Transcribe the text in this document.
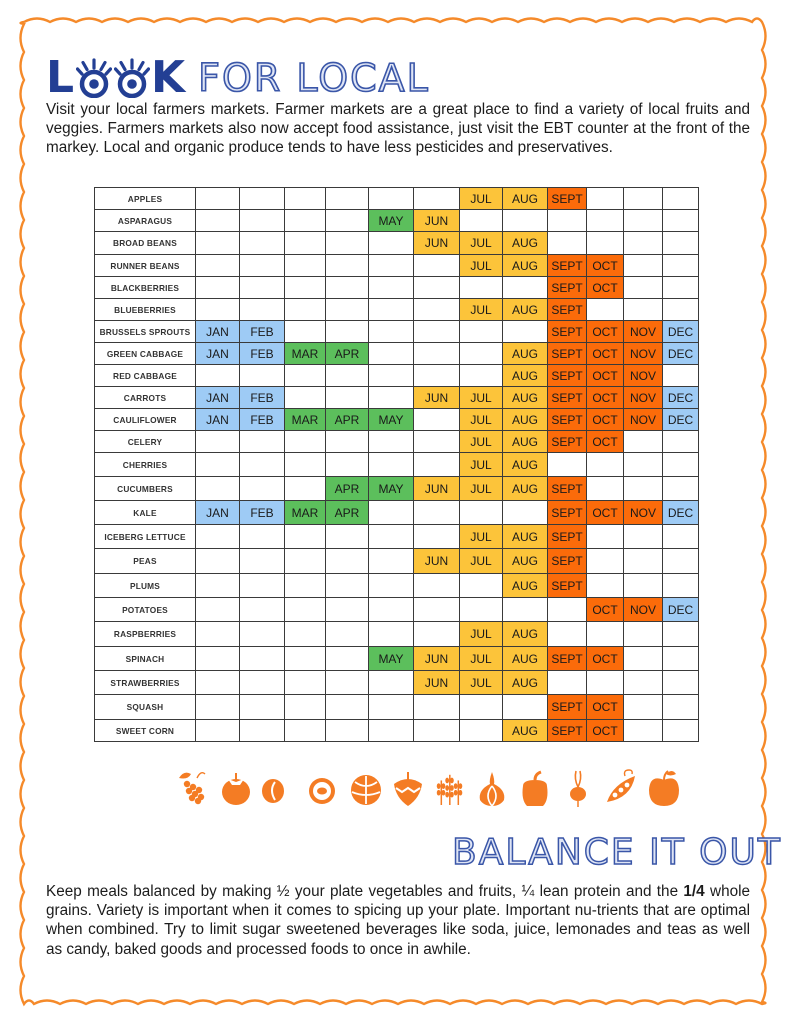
L K FOR LOCAL

Visit your local farmers markets. Farmer markets are a great place to find a variety of local fruits and veggies. Farmers markets also now accept food assistance, just visit the EBT counter at the front of the markey. Local and organic produce tends to have less pesticides and preservatives.

APPLES							JUL	AUG	SEPT			
ASPARAGUS					MAY	JUN						
BROAD BEANS						JUN	JUL	AUG				
RUNNER BEANS							JUL	AUG	SEPT	OCT		
BLACKBERRIES									SEPT	OCT		
BLUEBERRIES							JUL	AUG	SEPT			
BRUSSELS SPROUTS	JAN	FEB							SEPT	OCT	NOV	DEC
GREEN CABBAGE	JAN	FEB	MAR	APR				AUG	SEPT	OCT	NOV	DEC
RED CABBAGE								AUG	SEPT	OCT	NOV	
CARROTS	JAN	FEB				JUN	JUL	AUG	SEPT	OCT	NOV	DEC
CAULIFLOWER	JAN	FEB	MAR	APR	MAY		JUL	AUG	SEPT	OCT	NOV	DEC
CELERY							JUL	AUG	SEPT	OCT		
CHERRIES							JUL	AUG				
CUCUMBERS				APR	MAY	JUN	JUL	AUG	SEPT			
KALE	JAN	FEB	MAR	APR					SEPT	OCT	NOV	DEC
ICEBERG LETTUCE							JUL	AUG	SEPT			
PEAS						JUN	JUL	AUG	SEPT			
PLUMS								AUG	SEPT			
POTATOES										OCT	NOV	DEC
RASPBERRIES							JUL	AUG				
SPINACH					MAY	JUN	JUL	AUG	SEPT	OCT		
STRAWBERRIES						JUN	JUL	AUG				
SQUASH									SEPT	OCT		
SWEET CORN								AUG	SEPT	OCT		
BALANCE IT OUT

Keep meals balanced by making ½ your plate vegetables and fruits, ¼ lean protein and the 1/4 whole grains. Variety is important when it comes to spicing up your plate. Important nu-trients that are optimal when combined. Try to limit sugar sweetened beverages like soda, juice, lemonades and teas as well as candy, baked goods and processed foods to once in awhile.
